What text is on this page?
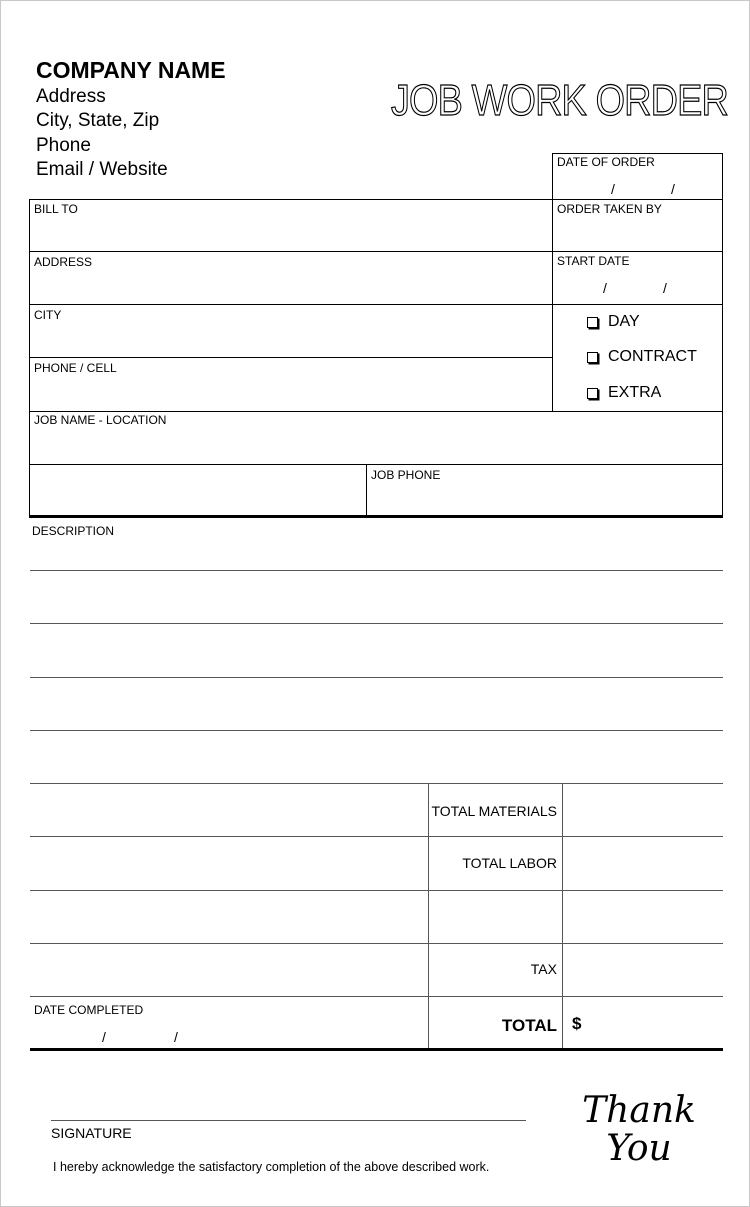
COMPANY NAME
Address
City, State, Zip
Phone
Email / Website
JOB WORK ORDER
DATE OF ORDER
/	/
BILL TO	ORDER TAKEN BY
ADDRESS	START DATE
/	/
CITY
PHONE / CELL
DAY
CONTRACT
EXTRA
JOB NAME - LOCATION
JOB PHONE
DESCRIPTION
TOTAL MATERIALS
TOTAL LABOR
TAX
TOTAL $
DATE COMPLETED
/	/
SIGNATURE
I hereby acknowledge the satisfactory completion of the above described work.
Thank
You
